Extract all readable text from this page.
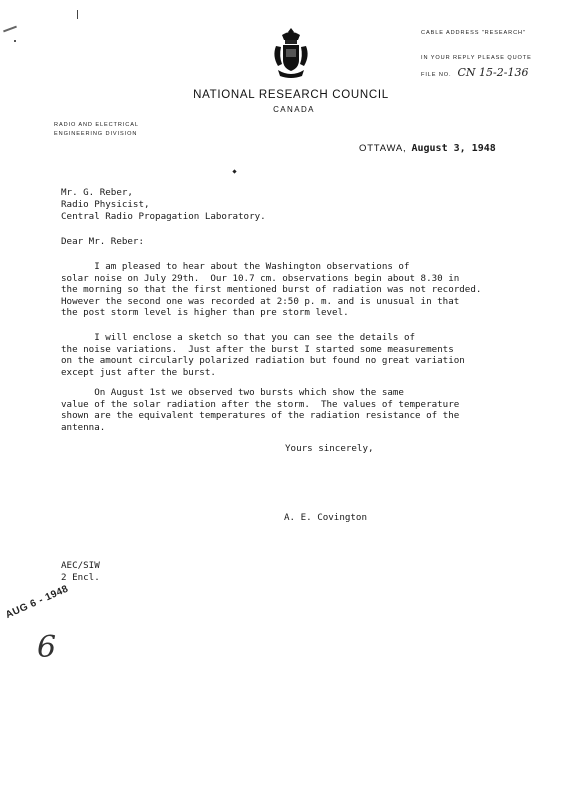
CABLE ADDRESS "RESEARCH"
IN YOUR REPLY PLEASE QUOTE
FILE NO. CN 15-2-136
NATIONAL RESEARCH COUNCIL
CANADA
RADIO AND ELECTRICAL
ENGINEERING DIVISION
OTTAWA, August 3, 1948
Mr. G. Reber,
Radio Physicist,
Central Radio Propagation Laboratory.
Dear Mr. Reber:
I am pleased to hear about the Washington observations of
solar noise on July 29th.  Our 10.7 cm. observations begin about 8.30 in
the morning so that the first mentioned burst of radiation was not recorded.
However the second one was recorded at 2:50 p. m. and is unusual in that
the post storm level is higher than pre storm level.
I will enclose a sketch so that you can see the details of
the noise variations.  Just after the burst I started some measurements
on the amount circularly polarized radiation but found no great variation
except just after the burst.
On August 1st we observed two bursts which show the same
value of the solar radiation after the storm.  The values of temperature
shown are the equivalent temperatures of the radiation resistance of the
antenna.
Yours sincerely,
A. E. Covington
AEC/SIW
2 Encl.
AUG 6 - 1948
6
